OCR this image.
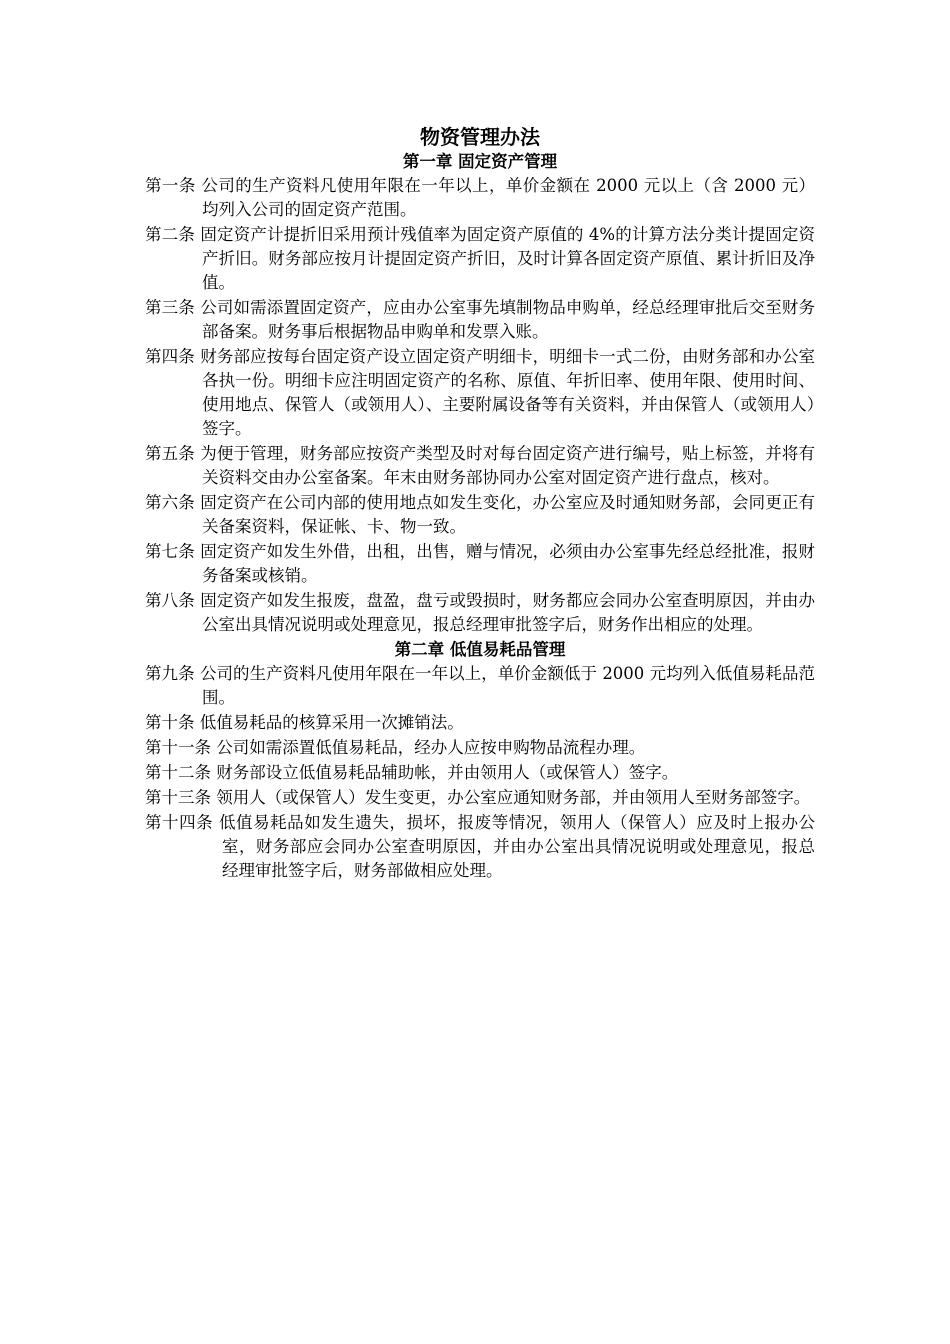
物资管理办法
第一章 固定资产管理

第一条 公司的生产资料凡使用年限在一年以上，单价金额在 2000 元以上（含 2000 元）均列入公司的固定资产范围。

第二条 固定资产计提折旧采用预计残值率为固定资产原值的 4%的计算方法分类计提固定资产折旧。财务部应按月计提固定资产折旧，及时计算各固定资产原值、累计折旧及净值。

第三条 公司如需添置固定资产，应由办公室事先填制物品申购单，经总经理审批后交至财务部备案。财务事后根据物品申购单和发票入账。

第四条 财务部应按每台固定资产设立固定资产明细卡，明细卡一式二份，由财务部和办公室各执一份。明细卡应注明固定资产的名称、原值、年折旧率、使用年限、使用时间、使用地点、保管人（或领用人）、主要附属设备等有关资料，并由保管人（或领用人）签字。

第五条 为便于管理，财务部应按资产类型及时对每台固定资产进行编号，贴上标签，并将有关资料交由办公室备案。年末由财务部协同办公室对固定资产进行盘点，核对。

第六条 固定资产在公司内部的使用地点如发生变化，办公室应及时通知财务部，会同更正有关备案资料，保证帐、卡、物一致。

第七条 固定资产如发生外借，出租，出售，赠与情况，必须由办公室事先经总经批准，报财务备案或核销。

第八条 固定资产如发生报废，盘盈，盘亏或毁损时，财务都应会同办公室查明原因，并由办公室出具情况说明或处理意见，报总经理审批签字后，财务作出相应的处理。

第二章 低值易耗品管理

第九条 公司的生产资料凡使用年限在一年以上，单价金额低于 2000 元均列入低值易耗品范围。

第十条 低值易耗品的核算采用一次摊销法。

第十一条 公司如需添置低值易耗品，经办人应按申购物品流程办理。

第十二条 财务部设立低值易耗品辅助帐，并由领用人（或保管人）签字。

第十三条 领用人（或保管人）发生变更，办公室应通知财务部，并由领用人至财务部签字。

第十四条 低值易耗品如发生遗失，损坏，报废等情况，领用人（保管人）应及时上报办公室，财务部应会同办公室查明原因，并由办公室出具情况说明或处理意见，报总经理审批签字后，财务部做相应处理。
